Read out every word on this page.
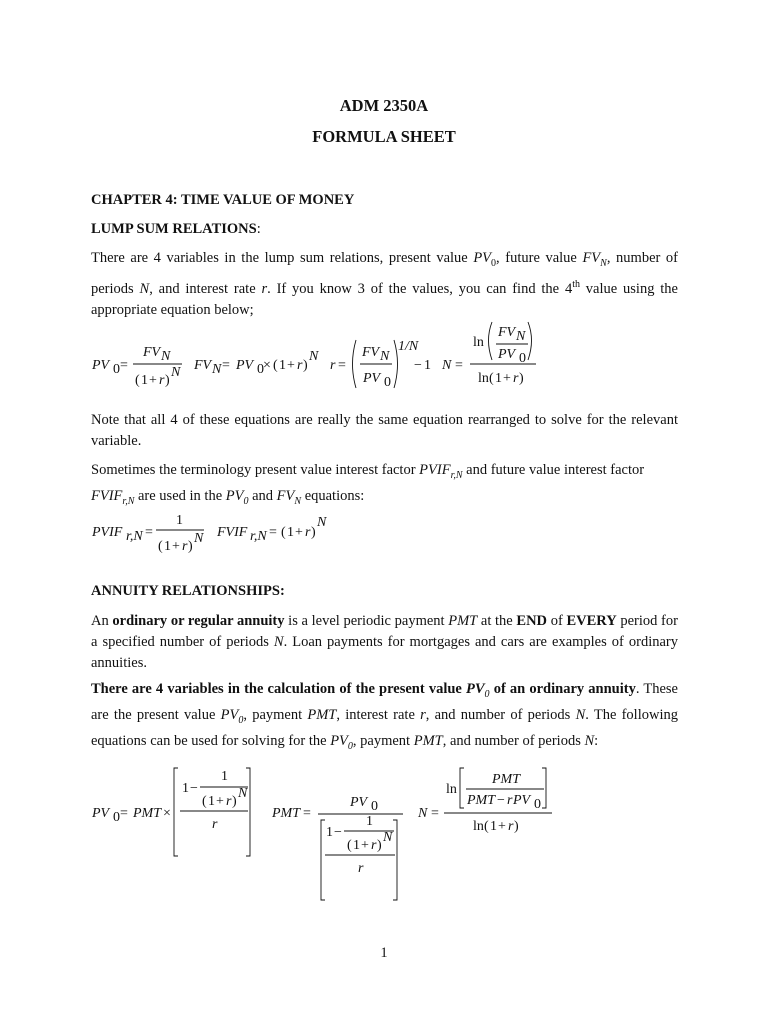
ADM 2350A
FORMULA SHEET
CHAPTER 4: TIME VALUE OF MONEY
LUMP SUM RELATIONS:
There are 4 variables in the lump sum relations, present value $PV_0$, future value $FV_N$, number of periods N, and interest rate r. If you know 3 of the values, you can find the 4th value using the appropriate equation below;
PV 0 =
FV N
( 1 + r )
N FV N = PV 0 × ( 1 + r )
N
r =
FV N
PV 0
1/N
− 1 N =
ln
FV N
PV 0
ln ( 1 + r )
Note that all 4 of these equations are really the same equation rearranged to solve for the relevant variable.
Sometimes the terminology present value interest factor $PVIF_{r,N}$ and future value interest factor
$FVIF_{r,N}$ are used in the $PV_0$ and $FV_N$ equations:
PVIF r,N =
1
( 1 + r )
N FVIF r,N = ( 1 + r )
N
ANNUITY RELATIONSHIPS:
An ordinary or regular annuity is a level periodic payment PMT at the END of EVERY period for a specified number of periods N. Loan payments for mortgages and cars are examples of ordinary annuities.
There are 4 variables in the calculation of the present value $PV_0$ of an ordinary annuity. These are the present value $PV_0$, payment PMT, interest rate r, and number of periods N. The following equations can be used for solving for the $PV_0$, payment PMT, and number of periods N:
PV 0 = PMT ×
1 −
1
( 1 + r )
N
r
PMT =
PV 0
1 −
1
( 1 + r )
N
r
N =
ln
PMT
PMT − r PV 0
ln ( 1 + r )
1
